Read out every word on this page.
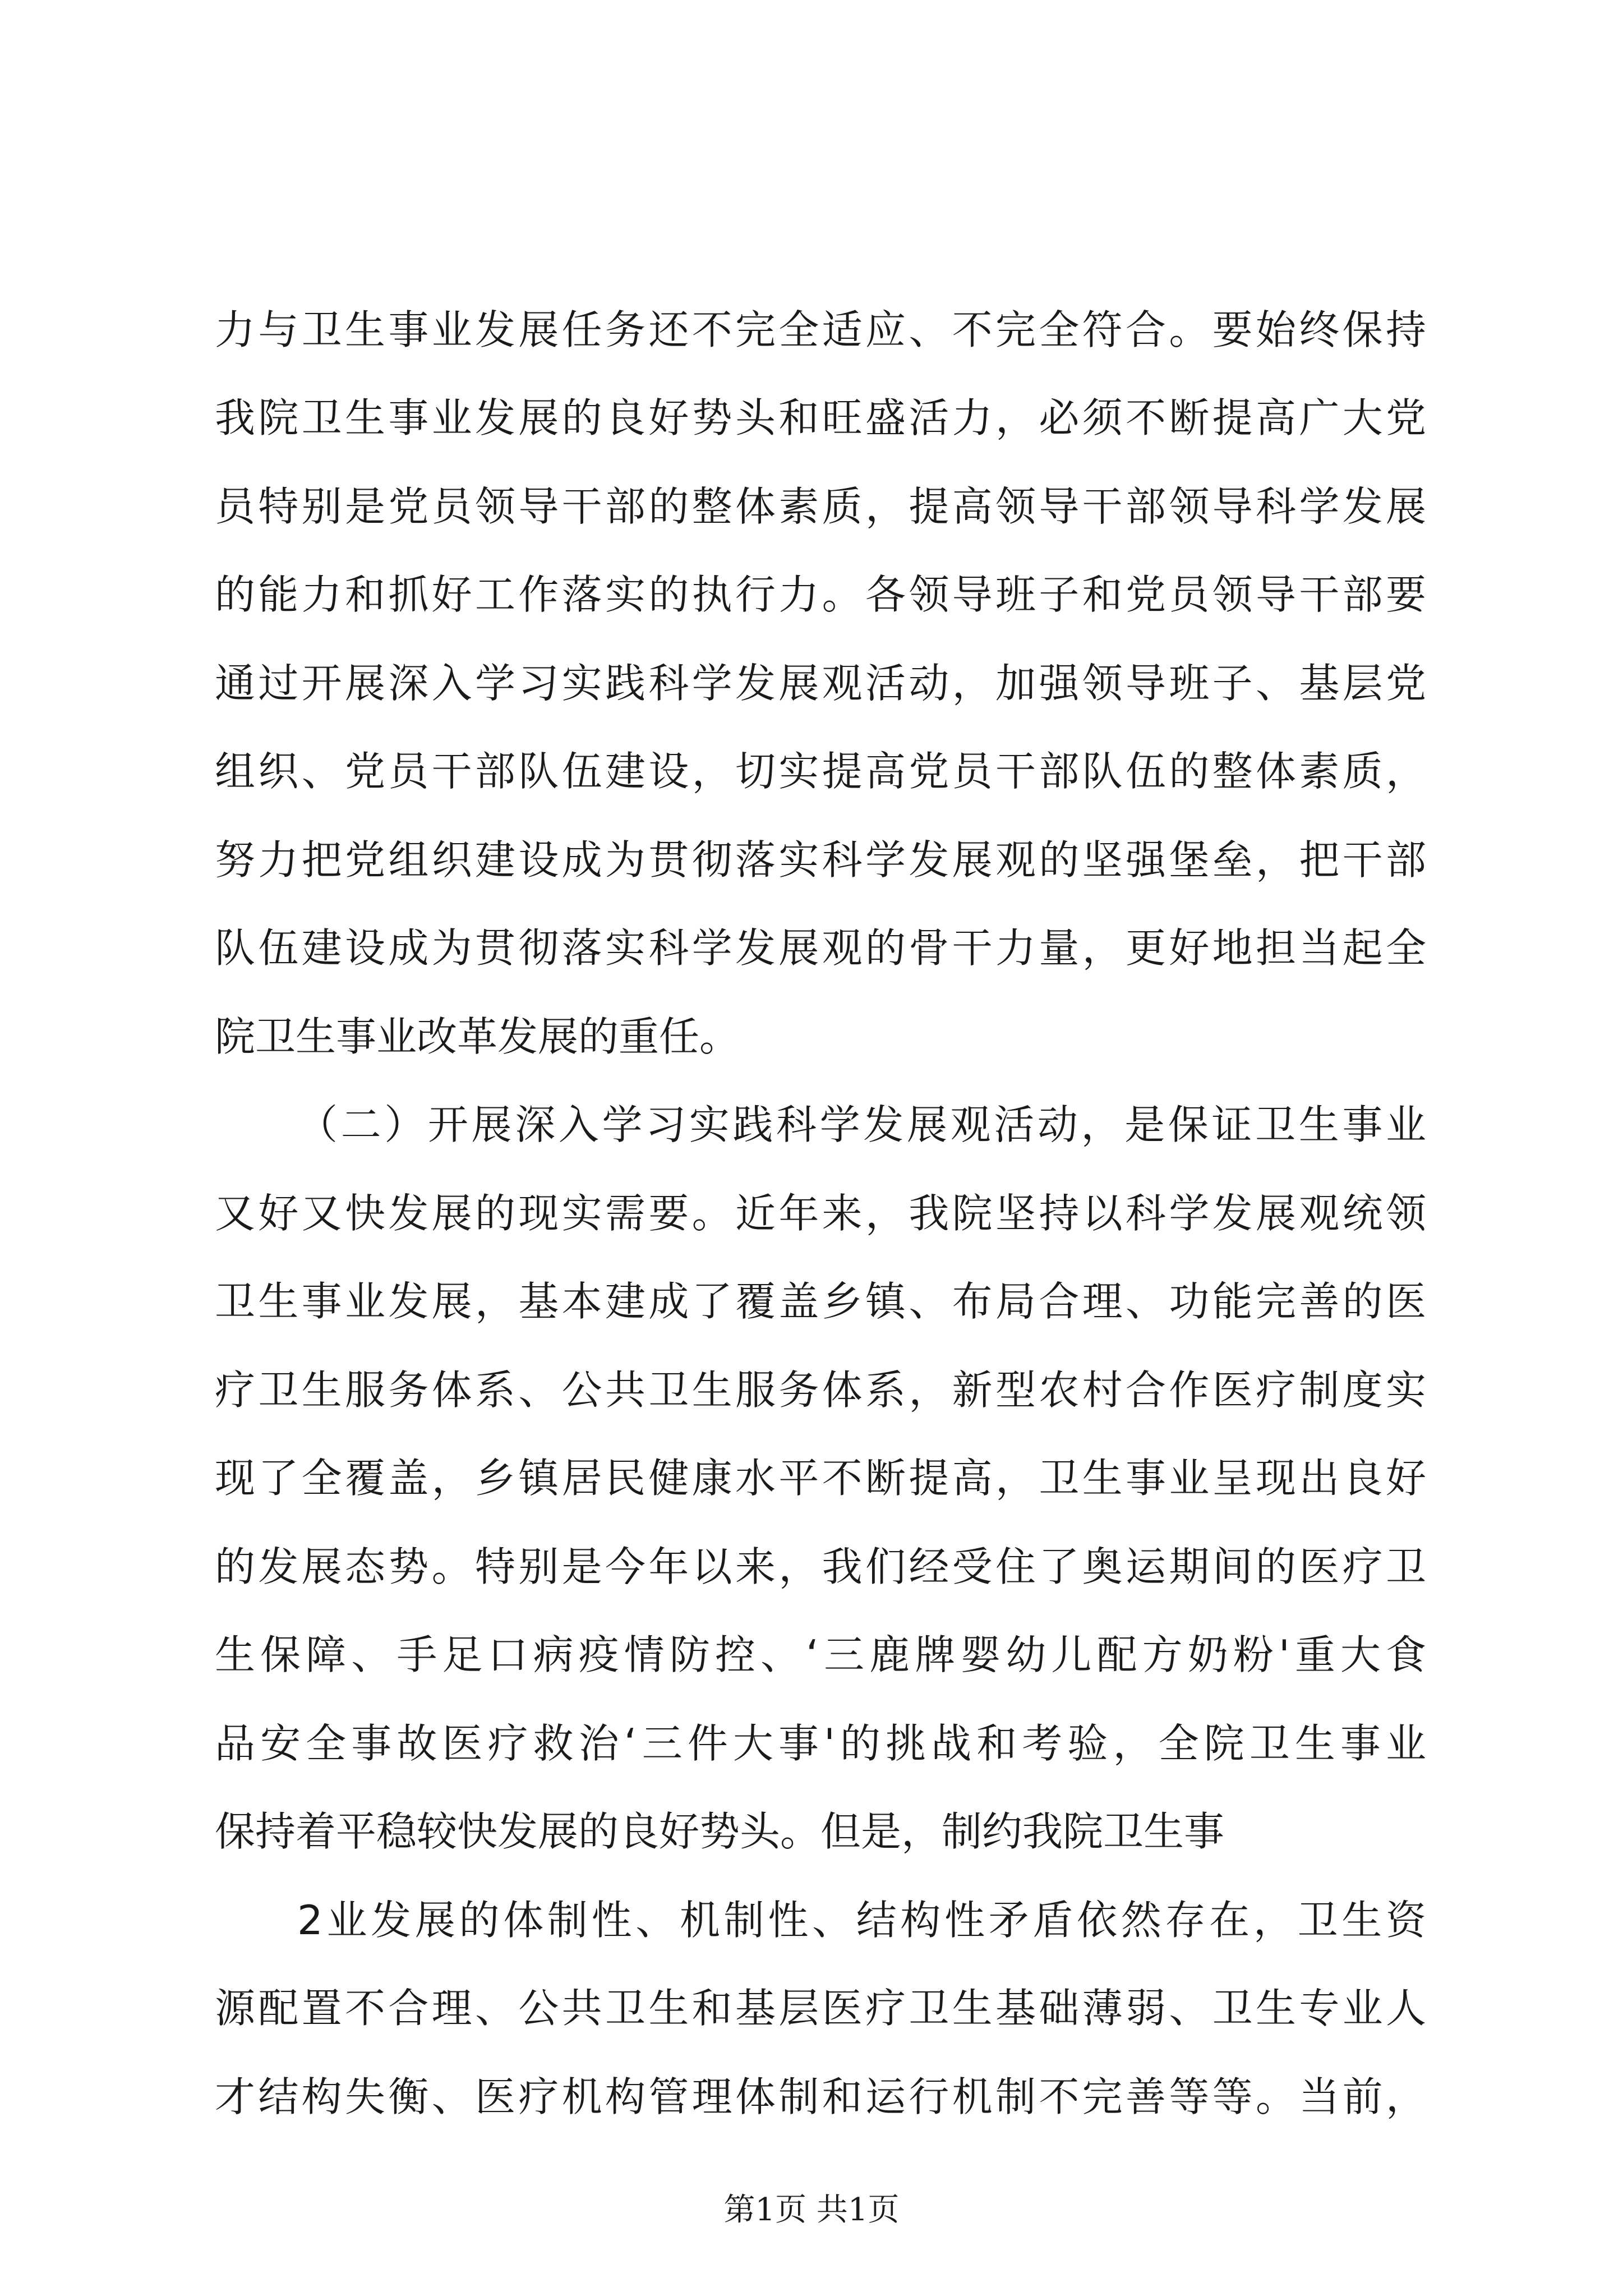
力与卫生事业发展任务还不完全适应、不完全符合。要始终保持
我院卫生事业发展的良好势头和旺盛活力，必须不断提高广大党
员特别是党员领导干部的整体素质，提高领导干部领导科学发展
的能力和抓好工作落实的执行力。各领导班子和党员领导干部要
通过开展深入学习实践科学发展观活动，加强领导班子、基层党
组织、党员干部队伍建设，切实提高党员干部队伍的整体素质，
努力把党组织建设成为贯彻落实科学发展观的坚强堡垒，把干部
队伍建设成为贯彻落实科学发展观的骨干力量，更好地担当起全
院卫生事业改革发展的重任。
（二）开展深入学习实践科学发展观活动，是保证卫生事业
又好又快发展的现实需要。近年来，我院坚持以科学发展观统领
卫生事业发展，基本建成了覆盖乡镇、布局合理、功能完善的医
疗卫生服务体系、公共卫生服务体系，新型农村合作医疗制度实
现了全覆盖，乡镇居民健康水平不断提高，卫生事业呈现出良好
的发展态势。特别是今年以来，我们经受住了奥运期间的医疗卫
生保障、手足口病疫情防控、‘三鹿牌婴幼儿配方奶粉'重大食
品安全事故医疗救治‘三件大事'的挑战和考验，全院卫生事业
保持着平稳较快发展的良好势头。但是，制约我院卫生事
2业发展的体制性、机制性、结构性矛盾依然存在，卫生资
源配置不合理、公共卫生和基层医疗卫生基础薄弱、卫生专业人
才结构失衡、医疗机构管理体制和运行机制不完善等等。当前，
第1页 共1页
